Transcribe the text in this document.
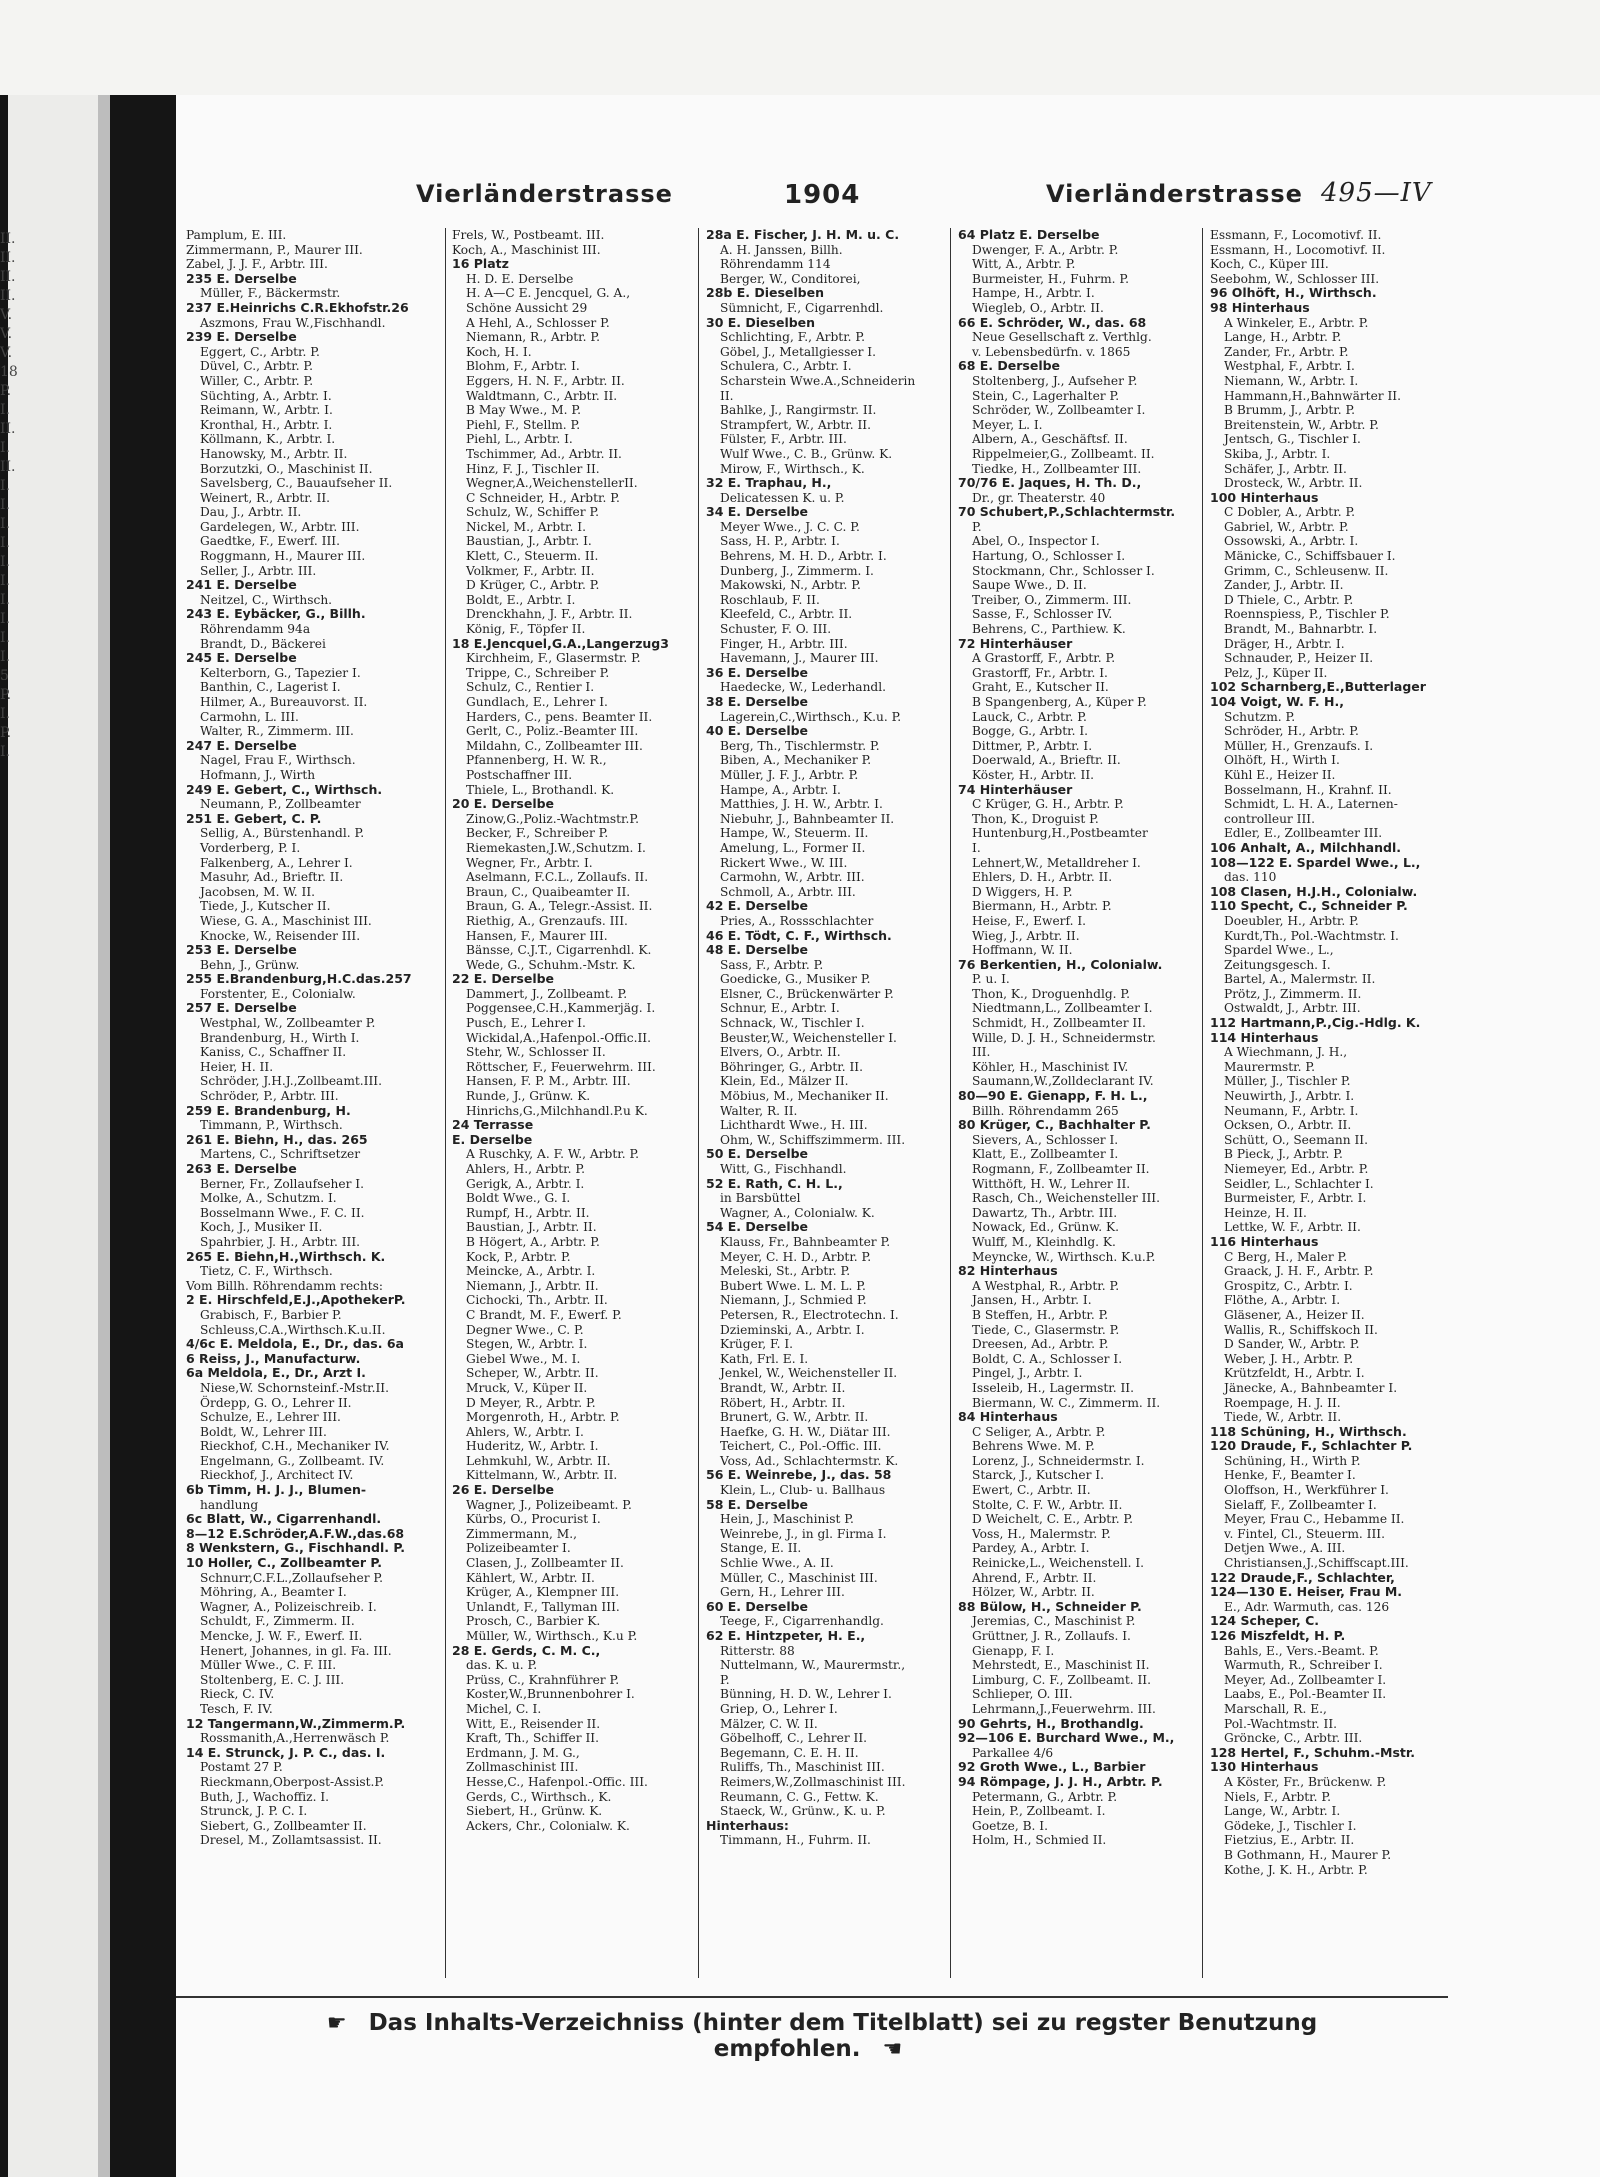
II.
II.
II.
II.
V.
V.
V.
18
P.
I.
II.
I.
II.
I.
I.
I.
I.
I.
I.
I.
I.
I.
I.
5
P.
I.
P.
I.
Vierländerstrasse	1904	Vierländerstrasse 495—IV
Pamplum, E. III.
Zimmermann, P., Maurer III.
Zabel, J. J. F., Arbtr. III.
235 E. Derselbe
Müller, F., Bäckermstr.
237 E.Heinrichs C.R.Ekhofstr.26
Aszmons, Frau W.,Fischhandl.
239 E. Derselbe
Eggert, C., Arbtr. P.
Düvel, C., Arbtr. P.
Willer, C., Arbtr. P.
Süchting, A., Arbtr. I.
Reimann, W., Arbtr. I.
Kronthal, H., Arbtr. I.
Köllmann, K., Arbtr. I.
Hanowsky, M., Arbtr. II.
Borzutzki, O., Maschinist II.
Savelsberg, C., Bauaufseher II.
Weinert, R., Arbtr. II.
Dau, J., Arbtr. II.
Gardelegen, W., Arbtr. III.
Gaedtke, F., Ewerf. III.
Roggmann, H., Maurer III.
Seller, J., Arbtr. III.
241 E. Derselbe
Neitzel, C., Wirthsch.
243 E. Eybäcker, G., Billh.
Röhrendamm 94a
Brandt, D., Bäckerei
245 E. Derselbe
Kelterborn, G., Tapezier I.
Banthin, C., Lagerist I.
Hilmer, A., Bureauvorst. II.
Carmohn, L. III.
Walter, R., Zimmerm. III.
247 E. Derselbe
Nagel, Frau F., Wirthsch.
Hofmann, J., Wirth
249 E. Gebert, C., Wirthsch.
Neumann, P., Zollbeamter
251 E. Gebert, C. P.
Sellig, A., Bürstenhandl. P.
Vorderberg, P. I.
Falkenberg, A., Lehrer I.
Masuhr, Ad., Brieftr. II.
Jacobsen, M. W. II.
Tiede, J., Kutscher II.
Wiese, G. A., Maschinist III.
Knocke, W., Reisender III.
253 E. Derselbe
Behn, J., Grünw.
255 E.Brandenburg,H.C.das.257
Forstenter, E., Colonialw.
257 E. Derselbe
Westphal, W., Zollbeamter P.
Brandenburg, H., Wirth I.
Kaniss, C., Schaffner II.
Heier, H. II.
Schröder, J.H.J.,Zollbeamt.III.
Schröder, P., Arbtr. III.
259 E. Brandenburg, H.
Timmann, P., Wirthsch.
261 E. Biehn, H., das. 265
Martens, C., Schriftsetzer
263 E. Derselbe
Berner, Fr., Zollaufseher I.
Molke, A., Schutzm. I.
Bosselmann Wwe., F. C. II.
Koch, J., Musiker II.
Spahrbier, J. H., Arbtr. III.
265 E. Biehn,H.,Wirthsch. K.
Tietz, C. F., Wirthsch.
Vom Billh. Röhrendamm rechts:
2 E. Hirschfeld,E.J.,ApothekerP.
Grabisch, F., Barbier P.
Schleuss,C.A.,Wirthsch.K.u.II.
4/6c E. Meldola, E., Dr., das. 6a
6 Reiss, J., Manufacturw.
6a Meldola, E., Dr., Arzt I.
Niese,W. Schornsteinf.-Mstr.II.
Ördepp, G. O., Lehrer II.
Schulze, E., Lehrer III.
Boldt, W., Lehrer III.
Rieckhof, C.H., Mechaniker IV.
Engelmann, G., Zollbeamt. IV.
Rieckhof, J., Architect IV.
6b Timm, H. J. J., Blumen-
handlung
6c Blatt, W., Cigarrenhandl.
8—12 E.Schröder,A.F.W.,das.68
8 Wenkstern, G., Fischhandl. P.
10 Holler, C., Zollbeamter P.
Schnurr,C.F.L.,Zollaufseher P.
Möhring, A., Beamter I.
Wagner, A., Polizeischreib. I.
Schuldt, F., Zimmerm. II.
Mencke, J. W. F., Ewerf. II.
Henert, Johannes, in gl. Fa. III.
Müller Wwe., C. F. III.
Stoltenberg, E. C. J. III.
Rieck, C. IV.
Tesch, F. IV.
12 Tangermann,W.,Zimmerm.P.
Rossmanith,A.,Herrenwäsch P.
14 E. Strunck, J. P. C., das. I.
Postamt 27 P.
Rieckmann,Oberpost-Assist.P.
Buth, J., Wachoffiz. I.
Strunck, J. P. C. I.
Siebert, G., Zollbeamter II.
Dresel, M., Zollamtsassist. II.
Frels, W., Postbeamt. III.
Koch, A., Maschinist III.
16 Platz
H. D. E. Derselbe
H. A—C E. Jencquel, G. A.,
Schöne Aussicht 29
A Hehl, A., Schlosser P.
Niemann, R., Arbtr. P.
Koch, H. I.
Blohm, F., Arbtr. I.
Eggers, H. N. F., Arbtr. II.
Waldtmann, C., Arbtr. II.
B May Wwe., M. P.
Piehl, F., Stellm. P.
Piehl, L., Arbtr. I.
Tschimmer, Ad., Arbtr. II.
Hinz, F. J., Tischler II.
Wegner,A.,WeichenstellerII.
C Schneider, H., Arbtr. P.
Schulz, W., Schiffer P.
Nickel, M., Arbtr. I.
Baustian, J., Arbtr. I.
Klett, C., Steuerm. II.
Volkmer, F., Arbtr. II.
D Krüger, C., Arbtr. P.
Boldt, E., Arbtr. I.
Drenckhahn, J. F., Arbtr. II.
König, F., Töpfer II.
18 E.Jencquel,G.A.,Langerzug3
Kirchheim, F., Glasermstr. P.
Trippe, C., Schreiber P.
Schulz, C., Rentier I.
Gundlach, E., Lehrer I.
Harders, C., pens. Beamter II.
Gerlt, C., Poliz.-Beamter III.
Mildahn, C., Zollbeamter III.
Pfannenberg, H. W. R.,
Postschaffner III.
Thiele, L., Brothandl. K.
20 E. Derselbe
Zinow,G.,Poliz.-Wachtmstr.P.
Becker, F., Schreiber P.
Riemekasten,J.W.,Schutzm. I.
Wegner, Fr., Arbtr. I.
Aselmann, F.C.L., Zollaufs. II.
Braun, C., Quaibeamter II.
Braun, G. A., Telegr.-Assist. II.
Riethig, A., Grenzaufs. III.
Hansen, F., Maurer III.
Bänsse, C.J.T., Cigarrenhdl. K.
Wede, G., Schuhm.-Mstr. K.
22 E. Derselbe
Dammert, J., Zollbeamt. P.
Poggensee,C.H.,Kammerjäg. I.
Pusch, E., Lehrer I.
Wickidal,A.,Hafenpol.-Offic.II.
Stehr, W., Schlosser II.
Röttscher, F., Feuerwehrm. III.
Hansen, F. P. M., Arbtr. III.
Runde, J., Grünw. K.
Hinrichs,G.,Milchhandl.P.u K.
24 Terrasse
E. Derselbe
A Ruschky, A. F. W., Arbtr. P.
Ahlers, H., Arbtr. P.
Gerigk, A., Arbtr. I.
Boldt Wwe., G. I.
Rumpf, H., Arbtr. II.
Baustian, J., Arbtr. II.
B Högert, A., Arbtr. P.
Kock, P., Arbtr. P.
Meincke, A., Arbtr. I.
Niemann, J., Arbtr. II.
Cichocki, Th., Arbtr. II.
C Brandt, M. F., Ewerf. P.
Degner Wwe., C. P.
Stegen, W., Arbtr. I.
Giebel Wwe., M. I.
Scheper, W., Arbtr. II.
Mruck, V., Küper II.
D Meyer, R., Arbtr. P.
Morgenroth, H., Arbtr. P.
Ahlers, W., Arbtr. I.
Huderitz, W., Arbtr. I.
Lehmkuhl, W., Arbtr. II.
Kittelmann, W., Arbtr. II.
26 E. Derselbe
Wagner, J., Polizeibeamt. P.
Kürbs, O., Procurist I.
Zimmermann, M.,
Polizeibeamter I.
Clasen, J., Zollbeamter II.
Kählert, W., Arbtr. II.
Krüger, A., Klempner III.
Unlandt, F., Tallyman III.
Prosch, C., Barbier K.
Müller, W., Wirthsch., K.u P.
28 E. Gerds, C. M. C.,
das. K. u. P.
Prüss, C., Krahnführer P.
Koster,W.,Brunnenbohrer I.
Michel, C. I.
Witt, E., Reisender II.
Kraft, Th., Schiffer II.
Erdmann, J. M. G.,
Zollmaschinist III.
Hesse,C., Hafenpol.-Offic. III.
Gerds, C., Wirthsch., K.
Siebert, H., Grünw. K.
Ackers, Chr., Colonialw. K.
28a E. Fischer, J. H. M. u. C.
A. H. Janssen, Billh.
Röhrendamm 114
Berger, W., Conditorei,
28b E. Dieselben
Sümnicht, F., Cigarrenhdl.
30 E. Dieselben
Schlichting, F., Arbtr. P.
Göbel, J., Metallgiesser I.
Schulera, C., Arbtr. I.
Scharstein Wwe.A.,Schneiderin
II.
Bahlke, J., Rangirmstr. II.
Strampfert, W., Arbtr. II.
Fülster, F., Arbtr. III.
Wulf Wwe., C. B., Grünw. K.
Mirow, F., Wirthsch., K.
32 E. Traphau, H.,
Delicatessen K. u. P.
34 E. Derselbe
Meyer Wwe., J. C. C. P.
Sass, H. P., Arbtr. I.
Behrens, M. H. D., Arbtr. I.
Dunberg, J., Zimmerm. I.
Makowski, N., Arbtr. P.
Roschlaub, F. II.
Kleefeld, C., Arbtr. II.
Schuster, F. O. III.
Finger, H., Arbtr. III.
Havemann, J., Maurer III.
36 E. Derselbe
Haedecke, W., Lederhandl.
38 E. Derselbe
Lagerein,C.,Wirthsch., K.u. P.
40 E. Derselbe
Berg, Th., Tischlermstr. P.
Biben, A., Mechaniker P.
Müller, J. F. J., Arbtr. P.
Hampe, A., Arbtr. I.
Matthies, J. H. W., Arbtr. I.
Niebuhr, J., Bahnbeamter II.
Hampe, W., Steuerm. II.
Amelung, L., Former II.
Rickert Wwe., W. III.
Carmohn, W., Arbtr. III.
Schmoll, A., Arbtr. III.
42 E. Derselbe
Pries, A., Rossschlachter
46 E. Tödt, C. F., Wirthsch.
48 E. Derselbe
Sass, F., Arbtr. P.
Goedicke, G., Musiker P.
Elsner, C., Brückenwärter P.
Schnur, E., Arbtr. I.
Schnack, W., Tischler I.
Beuster,W., Weichensteller I.
Elvers, O., Arbtr. II.
Böhringer, G., Arbtr. II.
Klein, Ed., Mälzer II.
Möbius, M., Mechaniker II.
Walter, R. II.
Lichthardt Wwe., H. III.
Ohm, W., Schiffszimmerm. III.
50 E. Derselbe
Witt, G., Fischhandl.
52 E. Rath, C. H. L.,
in Barsbüttel
Wagner, A., Colonialw. K.
54 E. Derselbe
Klauss, Fr., Bahnbeamter P.
Meyer, C. H. D., Arbtr. P.
Meleski, St., Arbtr. P.
Bubert Wwe. L. M. L. P.
Niemann, J., Schmied P.
Petersen, R., Electrotechn. I.
Dzieminski, A., Arbtr. I.
Krüger, F. I.
Kath, Frl. E. I.
Jenkel, W., Weichensteller II.
Brandt, W., Arbtr. II.
Röbert, H., Arbtr. II.
Brunert, G. W., Arbtr. II.
Haefke, G. H. W., Diätar III.
Teichert, C., Pol.-Offic. III.
Voss, Ad., Schlachtermstr. K.
56 E. Weinrebe, J., das. 58
Klein, L., Club- u. Ballhaus
58 E. Derselbe
Hein, J., Maschinist P.
Weinrebe, J., in gl. Firma I.
Stange, E. II.
Schlie Wwe., A. II.
Müller, C., Maschinist III.
Gern, H., Lehrer III.
60 E. Derselbe
Teege, F., Cigarrenhandlg.
62 E. Hintzpeter, H. E.,
Ritterstr. 88
Nuttelmann, W., Maurermstr.,
P.
Bünning, H. D. W., Lehrer I.
Griep, O., Lehrer I.
Mälzer, C. W. II.
Göbelhoff, C., Lehrer II.
Begemann, C. E. H. II.
Ruliffs, Th., Maschinist III.
Reimers,W.,Zollmaschinist III.
Reumann, C. G., Fettw. K.
Staeck, W., Grünw., K. u. P.
Hinterhaus:
Timmann, H., Fuhrm. II.
64 Platz E. Derselbe
Dwenger, F. A., Arbtr. P.
Witt, A., Arbtr. P.
Burmeister, H., Fuhrm. P.
Hampe, H., Arbtr. I.
Wiegleb, O., Arbtr. II.
66 E. Schröder, W., das. 68
Neue Gesellschaft z. Verthlg.
v. Lebensbedürfn. v. 1865
68 E. Derselbe
Stoltenberg, J., Aufseher P.
Stein, C., Lagerhalter P.
Schröder, W., Zollbeamter I.
Meyer, L. I.
Albern, A., Geschäftsf. II.
Rippelmeier,G., Zollbeamt. II.
Tiedke, H., Zollbeamter III.
70/76 E. Jaques, H. Th. D.,
Dr., gr. Theaterstr. 40
70 Schubert,P.,Schlachtermstr.
P.
Abel, O., Inspector I.
Hartung, O., Schlosser I.
Stockmann, Chr., Schlosser I.
Saupe Wwe., D. II.
Treiber, O., Zimmerm. III.
Sasse, F., Schlosser IV.
Behrens, C., Parthiew. K.
72 Hinterhäuser
A Grastorff, F., Arbtr. P.
Grastorff, Fr., Arbtr. I.
Graht, E., Kutscher II.
B Spangenberg, A., Küper P.
Lauck, C., Arbtr. P.
Bogge, G., Arbtr. I.
Dittmer, P., Arbtr. I.
Doerwald, A., Brieftr. II.
Köster, H., Arbtr. II.
74 Hinterhäuser
C Krüger, G. H., Arbtr. P.
Thon, K., Droguist P.
Huntenburg,H.,Postbeamter
I.
Lehnert,W., Metalldreher I.
Ehlers, D. H., Arbtr. II.
D Wiggers, H. P.
Biermann, H., Arbtr. P.
Heise, F., Ewerf. I.
Wieg, J., Arbtr. II.
Hoffmann, W. II.
76 Berkentien, H., Colonialw.
P. u. I.
Thon, K., Droguenhdlg. P.
Niedtmann,L., Zollbeamter I.
Schmidt, H., Zollbeamter II.
Wille, D. J. H., Schneidermstr.
III.
Köhler, H., Maschinist IV.
Saumann,W.,Zolldeclarant IV.
80—90 E. Gienapp, F. H. L.,
Billh. Röhrendamm 265
80 Krüger, C., Bachhalter P.
Sievers, A., Schlosser I.
Klatt, E., Zollbeamter I.
Rogmann, F., Zollbeamter II.
Witthöft, H. W., Lehrer II.
Rasch, Ch., Weichensteller III.
Dawartz, Th., Arbtr. III.
Nowack, Ed., Grünw. K.
Wulff, M., Kleinhdlg. K.
Meyncke, W., Wirthsch. K.u.P.
82 Hinterhaus
A Westphal, R., Arbtr. P.
Jansen, H., Arbtr. I.
B Steffen, H., Arbtr. P.
Tiede, C., Glasermstr. P.
Dreesen, Ad., Arbtr. P.
Boldt, C. A., Schlosser I.
Pingel, J., Arbtr. I.
Isseleib, H., Lagermstr. II.
Biermann, W. C., Zimmerm. II.
84 Hinterhaus
C Seliger, A., Arbtr. P.
Behrens Wwe. M. P.
Lorenz, J., Schneidermstr. I.
Starck, J., Kutscher I.
Ewert, C., Arbtr. II.
Stolte, C. F. W., Arbtr. II.
D Weichelt, C. E., Arbtr. P.
Voss, H., Malermstr. P.
Pardey, A., Arbtr. I.
Reinicke,L., Weichenstell. I.
Ahrend, F., Arbtr. II.
Hölzer, W., Arbtr. II.
88 Bülow, H., Schneider P.
Jeremias, C., Maschinist P.
Grüttner, J. R., Zollaufs. I.
Gienapp, F. I.
Mehrstedt, E., Maschinist II.
Limburg, C. F., Zollbeamt. II.
Schlieper, O. III.
Lehrmann,J.,Feuerwehrm. III.
90 Gehrts, H., Brothandlg.
92—106 E. Burchard Wwe., M.,
Parkallee 4/6
92 Groth Wwe., L., Barbier
94 Römpage, J. J. H., Arbtr. P.
Petermann, G., Arbtr. P.
Hein, P., Zollbeamt. I.
Goetze, B. I.
Holm, H., Schmied II.
Essmann, F., Locomotivf. II.
Essmann, H., Locomotivf. II.
Koch, C., Küper III.
Seebohm, W., Schlosser III.
96 Olhöft, H., Wirthsch.
98 Hinterhaus
A Winkeler, E., Arbtr. P.
Lange, H., Arbtr. P.
Zander, Fr., Arbtr. P.
Westphal, F., Arbtr. I.
Niemann, W., Arbtr. I.
Hammann,H.,Bahnwärter II.
B Brumm, J., Arbtr. P.
Breitenstein, W., Arbtr. P.
Jentsch, G., Tischler I.
Skiba, J., Arbtr. I.
Schäfer, J., Arbtr. II.
Drosteck, W., Arbtr. II.
100 Hinterhaus
C Dobler, A., Arbtr. P.
Gabriel, W., Arbtr. P.
Ossowski, A., Arbtr. I.
Mänicke, C., Schiffsbauer I.
Grimm, C., Schleusenw. II.
Zander, J., Arbtr. II.
D Thiele, C., Arbtr. P.
Roennspiess, P., Tischler P.
Brandt, M., Bahnarbtr. I.
Dräger, H., Arbtr. I.
Schnauder, P., Heizer II.
Pelz, J., Küper II.
102 Scharnberg,E.,Butterlager
104 Voigt, W. F. H.,
Schutzm. P.
Schröder, H., Arbtr. P.
Müller, H., Grenzaufs. I.
Olhöft, H., Wirth I.
Kühl E., Heizer II.
Bosselmann, H., Krahnf. II.
Schmidt, L. H. A., Laternen-
controlleur III.
Edler, E., Zollbeamter III.
106 Anhalt, A., Milchhandl.
108—122 E. Spardel Wwe., L.,
das. 110
108 Clasen, H.J.H., Colonialw.
110 Specht, C., Schneider P.
Doeubler, H., Arbtr. P.
Kurdt,Th., Pol.-Wachtmstr. I.
Spardel Wwe., L.,
Zeitungsgesch. I.
Bartel, A., Malermstr. II.
Prötz, J., Zimmerm. II.
Ostwaldt, J., Arbtr. III.
112 Hartmann,P.,Cig.-Hdlg. K.
114 Hinterhaus
A Wiechmann, J. H.,
Maurermstr. P.
Müller, J., Tischler P.
Neuwirth, J., Arbtr. I.
Neumann, F., Arbtr. I.
Ocksen, O., Arbtr. II.
Schütt, O., Seemann II.
B Pieck, J., Arbtr. P.
Niemeyer, Ed., Arbtr. P.
Seidler, L., Schlachter I.
Burmeister, F., Arbtr. I.
Heinze, H. II.
Lettke, W. F., Arbtr. II.
116 Hinterhaus
C Berg, H., Maler P.
Graack, J. H. F., Arbtr. P.
Grospitz, C., Arbtr. I.
Flöthe, A., Arbtr. I.
Gläsener, A., Heizer II.
Wallis, R., Schiffskoch II.
D Sander, W., Arbtr. P.
Weber, J. H., Arbtr. P.
Krützfeldt, H., Arbtr. I.
Jänecke, A., Bahnbeamter I.
Roempage, H. J. II.
Tiede, W., Arbtr. II.
118 Schüning, H., Wirthsch.
120 Draude, F., Schlachter P.
Schüning, H., Wirth P.
Henke, F., Beamter I.
Oloffson, H., Werkführer I.
Sielaff, F., Zollbeamter I.
Meyer, Frau C., Hebamme II.
v. Fintel, Cl., Steuerm. III.
Detjen Wwe., A. III.
Christiansen,J.,Schiffscapt.III.
122 Draude,F., Schlachter,
124—130 E. Heiser, Frau M.
E., Adr. Warmuth, cas. 126
124 Scheper, C.
126 Miszfeldt, H. P.
Bahls, E., Vers.-Beamt. P.
Warmuth, R., Schreiber I.
Meyer, Ad., Zollbeamter I.
Laabs, E., Pol.-Beamter II.
Marschall, R. E.,
Pol.-Wachtmstr. II.
Gröncke, C., Arbtr. III.
128 Hertel, F., Schuhm.-Mstr.
130 Hinterhaus
A Köster, Fr., Brückenw. P.
Niels, F., Arbtr. P.
Lange, W., Arbtr. I.
Gödeke, J., Tischler I.
Fietzius, E., Arbtr. II.
B Gothmann, H., Maurer P.
Kothe, J. K. H., Arbtr. P.
☛ Das Inhalts-Verzeichniss (hinter dem Titelblatt) sei zu regster Benutzung empfohlen. ☚
